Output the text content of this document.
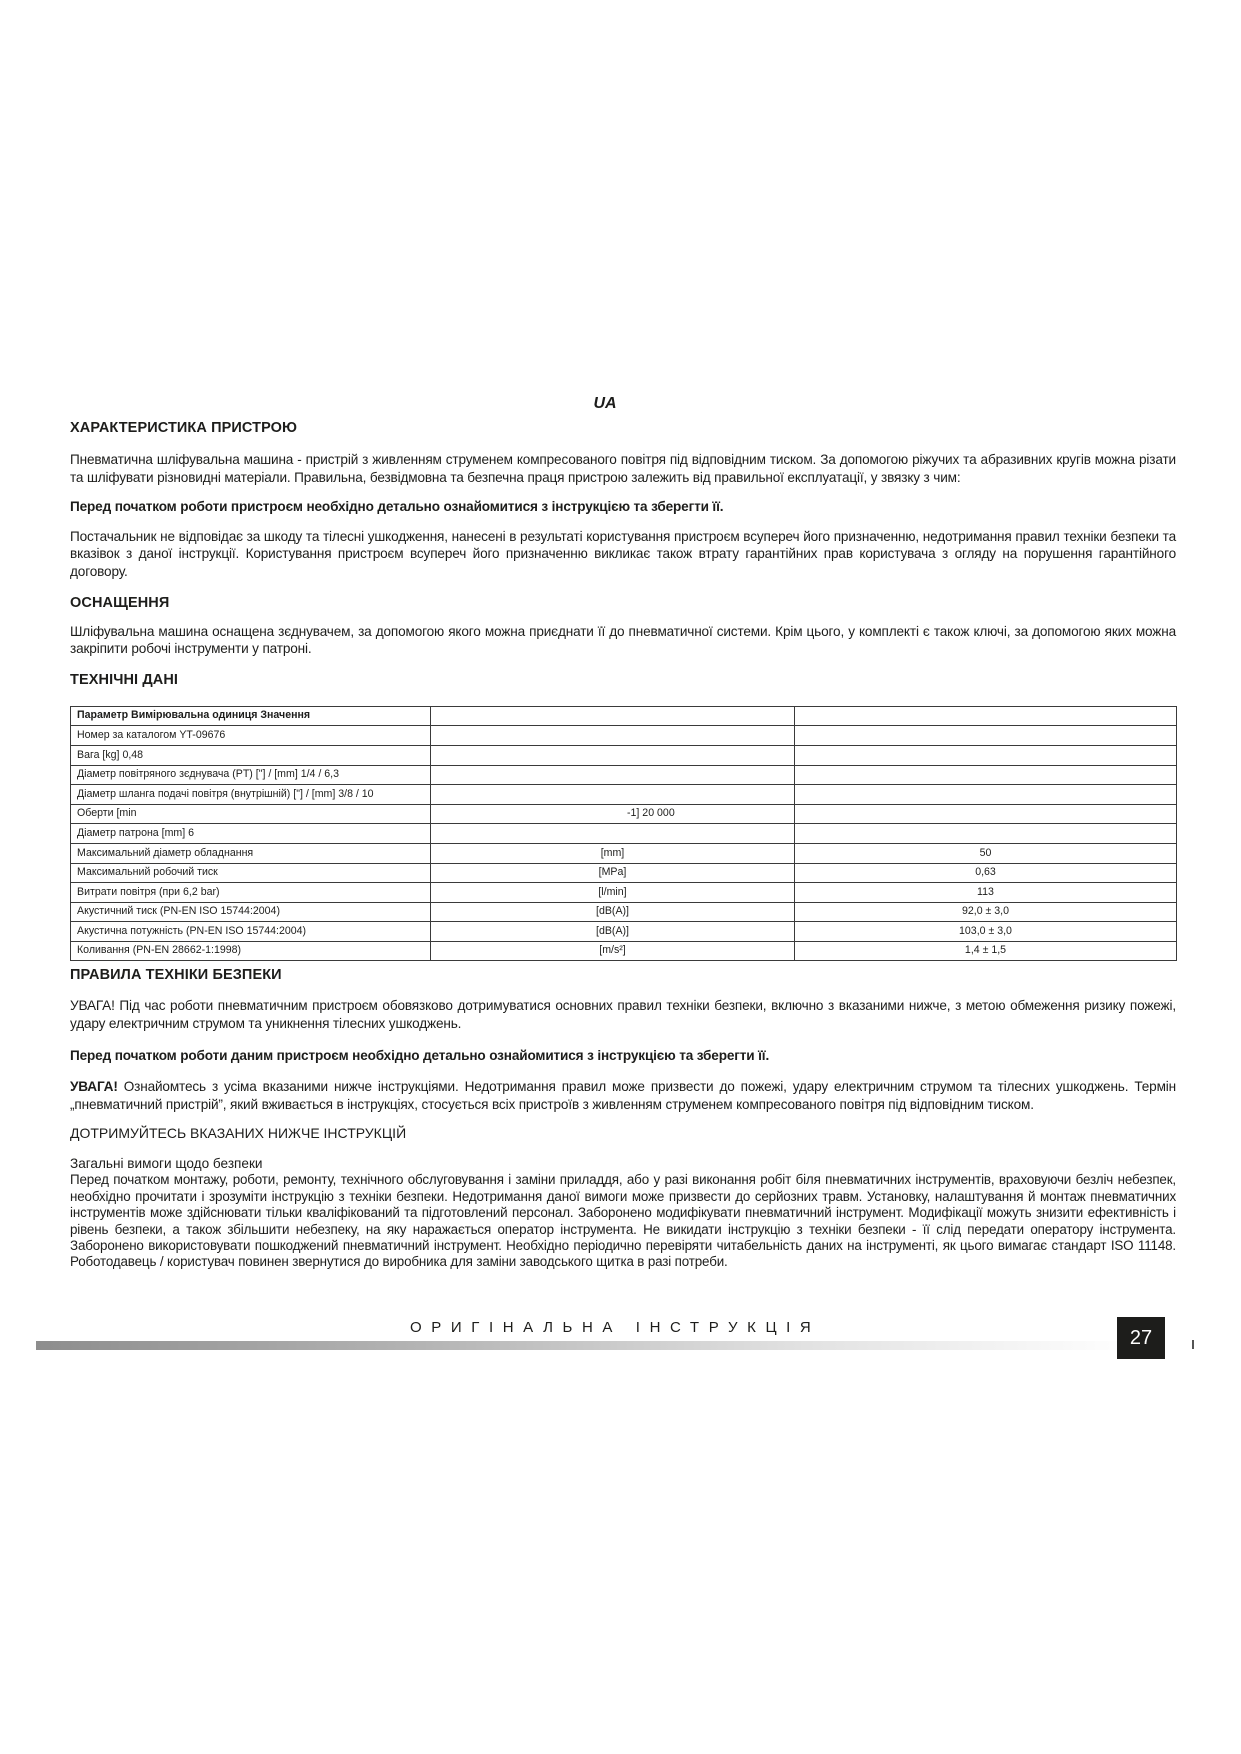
UA
ХАРАКТЕРИСТИКА ПРИСТРОЮ

Пневматична шліфувальна машина - пристрій з живленням струменем компресованого повітря під відповідним тиском. За допомогою ріжучих та абразивних кругів можна різати та шліфувати різновидні матеріали. Правильна, безвідмовна та безпечна праця пристрою залежить від правильної експлуатації, у звязку з чим:

Перед початком роботи пристроєм необхідно детально ознайомитися з інструкцією та зберегти її.

Постачальник не відповідає за шкоду та тілесні ушкодження, нанесені в результаті користування пристроєм всупереч його призначенню, недотримання правил техніки безпеки та вказівок з даної інструкції. Користування пристроєм всупереч його призначенню викликає також втрату гарантійних прав користувача з огляду на порушення гарантійного договору.

ОСНАЩЕННЯ

Шліфувальна машина оснащена зєднувачем, за допомогою якого можна приєднати її до пневматичної системи. Крім цього, у комплекті є також ключі, за допомогою яких можна закріпити робочі інструменти у патроні.

ТЕХНІЧНІ ДАНІ
Параметр Вимірювальна одиниця Значення		
Номер за каталогом YT-09676		
Вага [kg] 0,48		
Діаметр повітряного зєднувача (PT) ["] / [mm] 1/4 / 6,3		
Діаметр шланга подачі повітря (внутрішній) ["] / [mm] 3/8 / 10		
Оберти [min	-1] 20 000	
Діаметр патрона [mm] 6		
Максимальний діаметр обладнання	[mm]	50
Максимальний робочий тиск	[MPa]	0,63
Витрати повітря (при 6,2 bar)	[l/min]	113
Акустичний тиск (PN-EN ISO 15744:2004)	[dB(A)]	92,0 ± 3,0
Акустична потужність (PN-EN ISO 15744:2004)	[dB(A)]	103,0 ± 3,0
Коливання (PN-EN 28662-1:1998)	[m/s²]	1,4 ± 1,5
ПРАВИЛА ТЕХНІКИ БЕЗПЕКИ

УВАГА! Під час роботи пневматичним пристроєм обовязково дотримуватися основних правил техніки безпеки, включно з вказаними нижче, з метою обмеження ризику пожежі, удару електричним струмом та уникнення тілесних ушкоджень.

Перед початком роботи даним пристроєм необхідно детально ознайомитися з інструкцією та зберегти її.

УВАГА! Ознайомтесь з усіма вказаними нижче інструкціями. Недотримання правил може призвести до пожежі, удару електричним струмом та тілесних ушкоджень. Термін „пневматичний пристрій”, який вживається в інструкціях, стосується всіх пристроїв з живленням струменем компресованого повітря під відповідним тиском.

ДОТРИМУЙТЕСЬ ВКАЗАНИХ НИЖЧЕ ІНСТРУКЦІЙ
Загальні вимоги щодо безпеки

Перед початком монтажу, роботи, ремонту, технічного обслуговування і заміни приладдя, або у разі виконання робіт біля пневматичних інструментів, враховуючи безліч небезпек, необхідно прочитати і зрозуміти інструкцію з техніки безпеки. Недотримання даної вимоги може призвести до серйозних травм. Установку, налаштування й монтаж пневматичних інструментів може здійснювати тільки кваліфікований та підготовлений персонал. Заборонено модифікувати пневматичний інструмент. Модифікації можуть знизити ефективність і рівень безпеки, а також збільшити небезпеку, на яку наражається оператор інструмента. Не викидати інструкцію з техніки безпеки - її слід передати оператору інструмента. Заборонено використовувати пошкоджений пневматичний інструмент. Необхідно періодично перевіряти читабельність даних на інструменті, як цього вимагає стандарт ISO 11148. Роботодавець / користувач повинен звернутися до виробника для заміни заводського щитка в разі потреби.

ОРИГІНАЛЬНА ІНСТРУКЦІЯ	27
